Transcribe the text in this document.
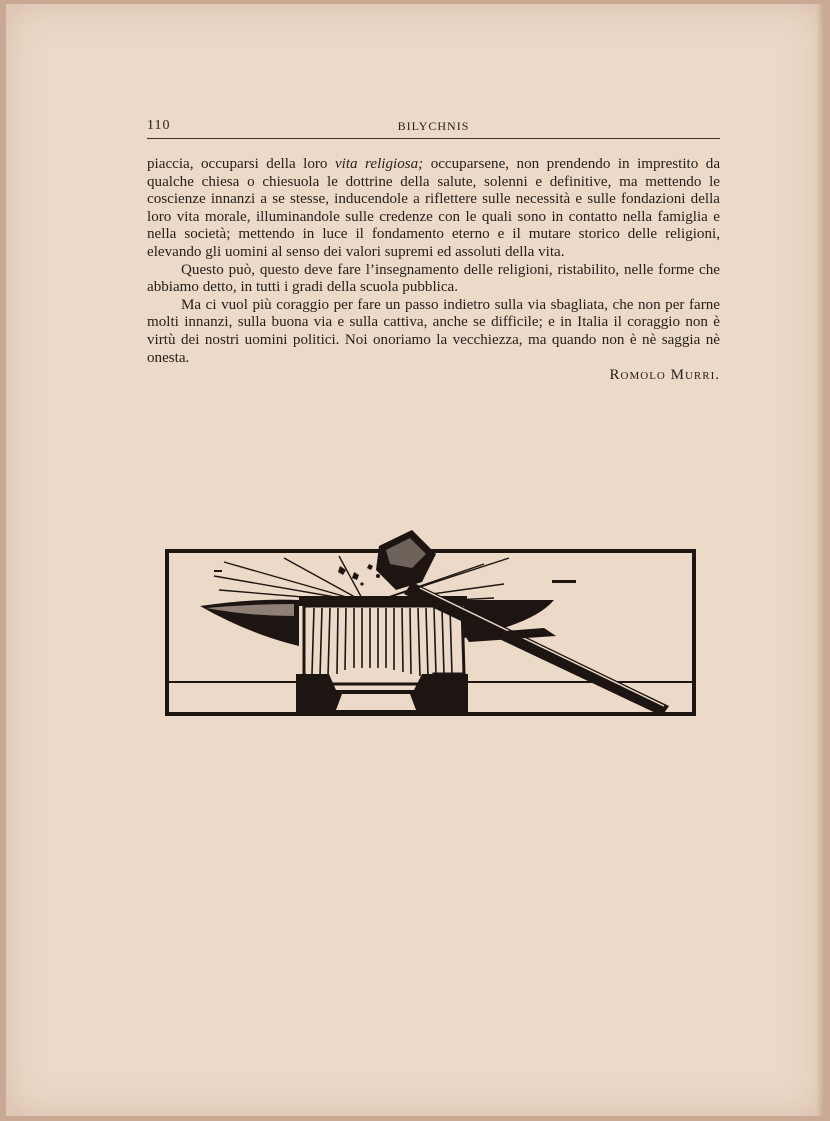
110	BILYCHNIS

piaccia, occuparsi della loro vita religiosa; occuparsene, non prendendo in imprestito da qualche chiesa o chiesuola le dottrine della salute, solenni e definitive, ma mettendo le coscienze innanzi a se stesse, inducendole a riflettere sulle necessità e sulle fondazioni della loro vita morale, illuminandole sulle credenze con le quali sono in contatto nella famiglia e nella società; mettendo in luce il fondamento eterno e il mutare storico delle religioni, elevando gli uomini al senso dei valori supremi ed assoluti della vita.

Questo può, questo deve fare l’insegnamento delle religioni, ristabilito, nelle forme che abbiamo detto, in tutti i gradi della scuola pubblica.

Ma ci vuol più coraggio per fare un passo indietro sulla via sbagliata, che non per farne molti innanzi, sulla buona via e sulla cattiva, anche se difficile; e in Italia il coraggio non è virtù dei nostri uomini politici. Noi onoriamo la vecchiezza, ma quando non è nè saggia nè onesta.

Romolo Murri.
